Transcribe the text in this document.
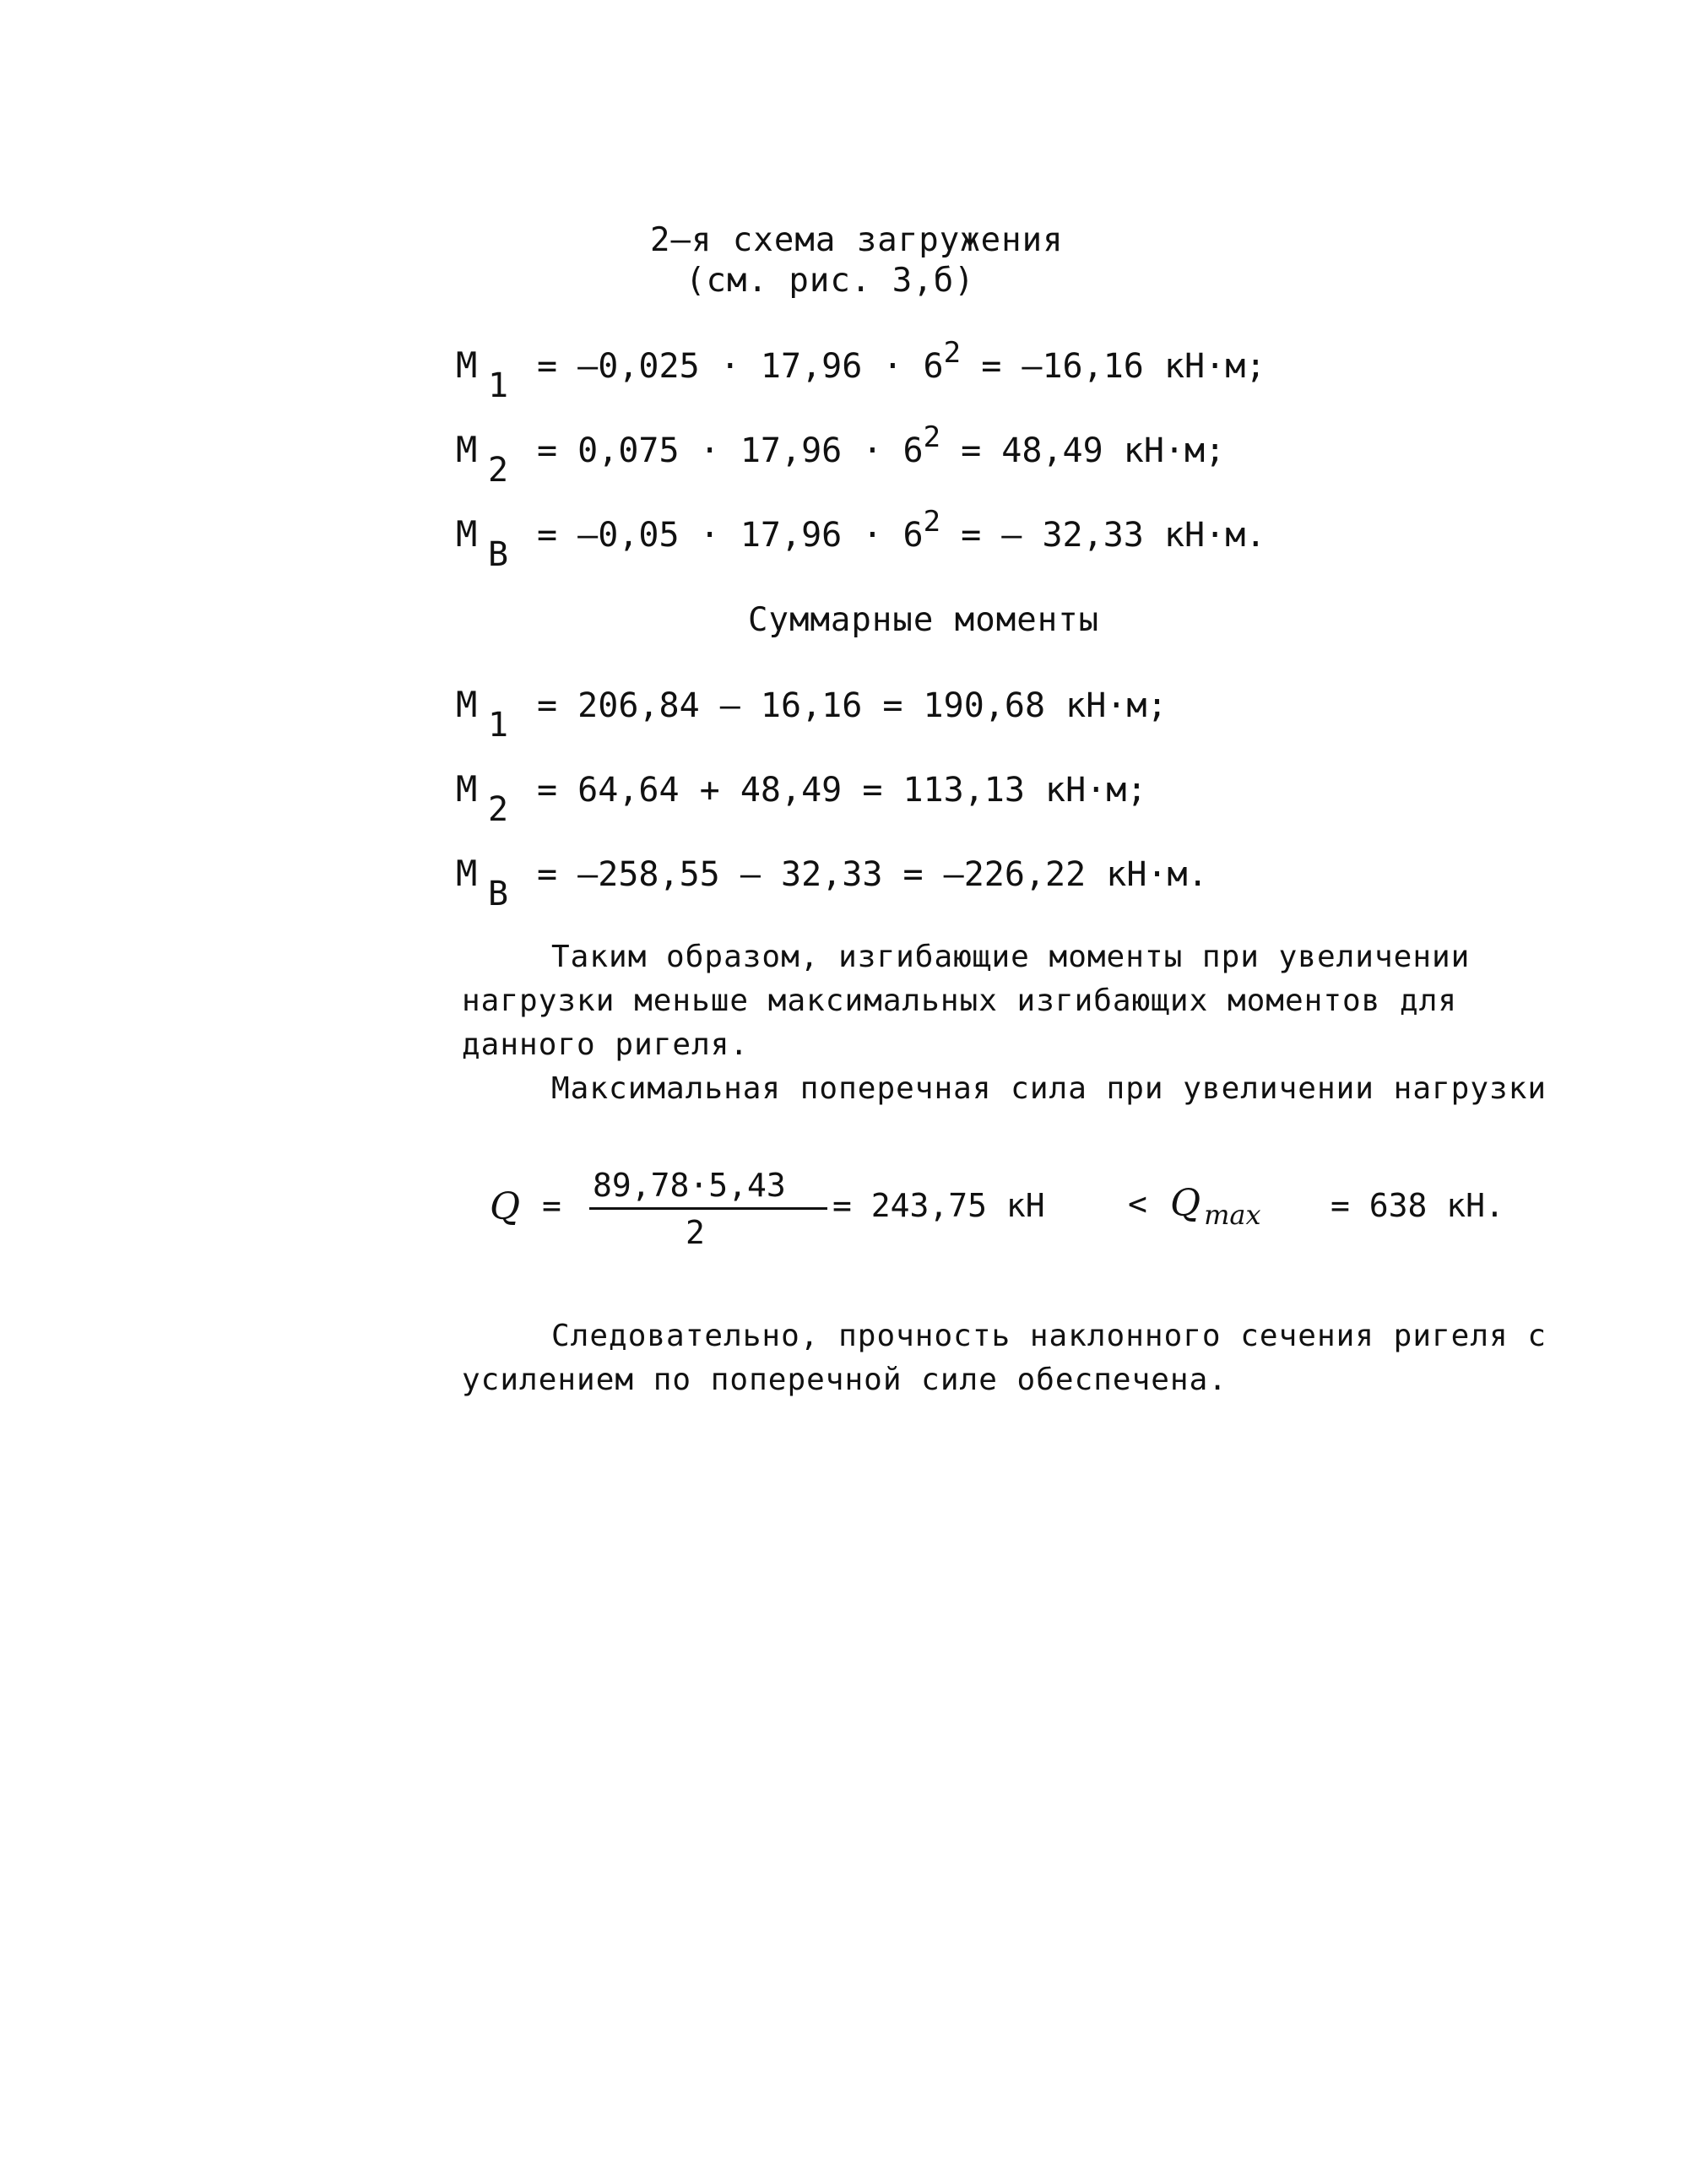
2–я схема загружения
(см. рис. 3,б)
M $1 = -0,025 \cdot 17,96 \cdot 6^2 = -16,16$ кН·м;
M $2 = 0,075 \cdot 17,96 \cdot 6^2 = 48,49$ кН·м;
M $B = -0,05 \cdot 17,96 \cdot 6^2$ = – 32,33 кН·м.
Суммарные моменты
M 1 = 206,84 – 16,16 = 190,68 кН·м;
M 2 = 64,64 + 48,49 = 113,13 кН·м;
M B = –258,55 – 32,33 = –226,22 кН·м.
Таким образом, изгибающие моменты при увеличении
нагрузки меньше максимальных изгибающих моментов для
данного ригеля.
Максимальная поперечная сила при увеличении нагрузки
Q =
89,78·5,43
2
= 243,75 кН	< Q $_{max}$ = 638 кН.
Следовательно, прочность наклонного сечения ригеля с
усилением по поперечной силе обеспечена.
